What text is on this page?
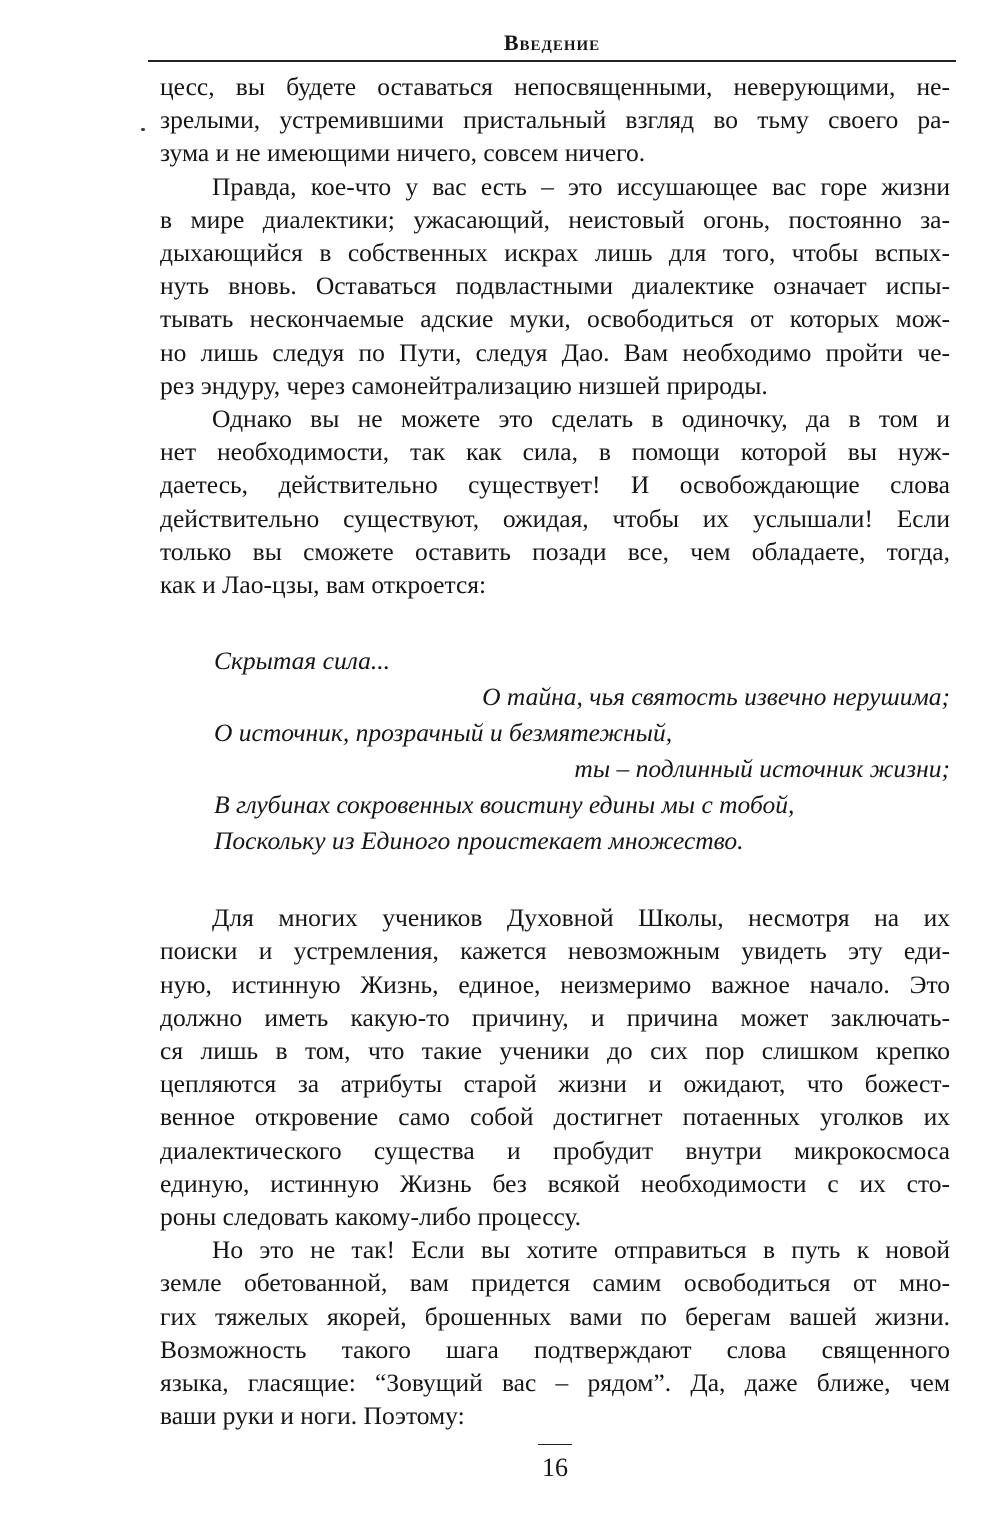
Введение

цесс, вы будете оставаться непосвященными, неверующими, не-
зрелыми, устремившими пристальный взгляд во тьму своего ра-
зума и не имеющими ничего, совсем ничего.

Правда, кое-что у вас есть – это иссушающее вас горе жизни
в мире диалектики; ужасающий, неистовый огонь, постоянно за-
дыхающийся в собственных искрах лишь для того, чтобы вспых-
нуть вновь. Оставаться подвластными диалектике означает испы-
тывать нескончаемые адские муки, освободиться от которых мож-
но лишь следуя по Пути, следуя Дао. Вам необходимо пройти че-
рез эндуру, через самонейтрализацию низшей природы.

Однако вы не можете это сделать в одиночку, да в том и
нет необходимости, так как сила, в помощи которой вы нуж-
даетесь, действительно существует! И освобождающие слова
действительно существуют, ожидая, чтобы их услышали! Если
только вы сможете оставить позади все, чем обладаете, тогда,
как и Лао-цзы, вам откроется:

Скрытая сила...
О тайна, чья святость извечно нерушима;
О источник, прозрачный и безмятежный,
ты – подлинный источник жизни;
В глубинах сокровенных воистину едины мы с тобой,
Поскольку из Единого проистекает множество.

Для многих учеников Духовной Школы, несмотря на их
поиски и устремления, кажется невозможным увидеть эту еди-
ную, истинную Жизнь, единое, неизмеримо важное начало. Это
должно иметь какую-то причину, и причина может заключать-
ся лишь в том, что такие ученики до сих пор слишком крепко
цепляются за атрибуты старой жизни и ожидают, что божест-
венное откровение само собой достигнет потаенных уголков их
диалектического существа и пробудит внутри микрокосмоса
единую, истинную Жизнь без всякой необходимости с их сто-
роны следовать какому-либо процессу.

Но это не так! Если вы хотите отправиться в путь к новой
земле обетованной, вам придется самим освободиться от мно-
гих тяжелых якорей, брошенных вами по берегам вашей жизни.
Возможность такого шага подтверждают слова священного
языка, гласящие: “Зовущий вас – рядом”. Да, даже ближе, чем
ваши руки и ноги. Поэтому:

16
